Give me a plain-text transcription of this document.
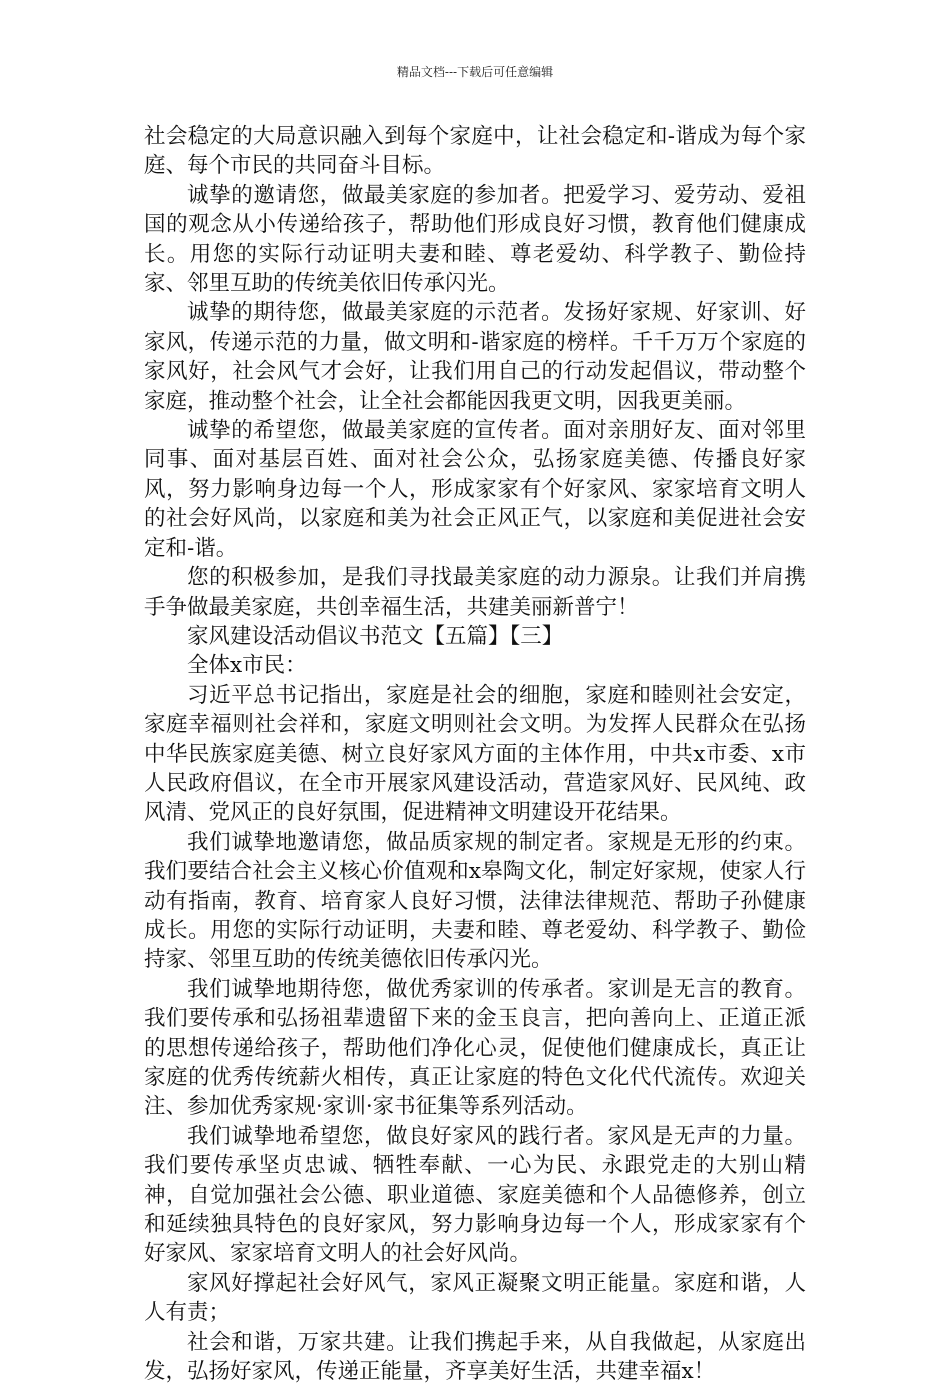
精品文档---下载后可任意编辑

社会稳定的大局意识融入到每个家庭中，让社会稳定和-谐成为每个家庭、每个市民的共同奋斗目标。

诚挚的邀请您，做最美家庭的参加者。把爱学习、爱劳动、爱祖国的观念从小传递给孩子，帮助他们形成良好习惯，教育他们健康成长。用您的实际行动证明夫妻和睦、尊老爱幼、科学教子、勤俭持家、邻里互助的传统美依旧传承闪光。

诚挚的期待您，做最美家庭的示范者。发扬好家规、好家训、好家风，传递示范的力量，做文明和-谐家庭的榜样。千千万万个家庭的家风好，社会风气才会好，让我们用自己的行动发起倡议，带动整个家庭，推动整个社会，让全社会都能因我更文明，因我更美丽。

诚挚的希望您，做最美家庭的宣传者。面对亲朋好友、面对邻里同事、面对基层百姓、面对社会公众，弘扬家庭美德、传播良好家风，努力影响身边每一个人，形成家家有个好家风、家家培育文明人的社会好风尚，以家庭和美为社会正风正气，以家庭和美促进社会安定和-谐。

您的积极参加，是我们寻找最美家庭的动力源泉。让我们并肩携手争做最美家庭，共创幸福生活，共建美丽新普宁！

家风建设活动倡议书范文【五篇】【三】

全体x市民：

习近平总书记指出，家庭是社会的细胞，家庭和睦则社会安定，家庭幸福则社会祥和，家庭文明则社会文明。为发挥人民群众在弘扬中华民族家庭美德、树立良好家风方面的主体作用，中共x市委、x市人民政府倡议，在全市开展家风建设活动，营造家风好、民风纯、政风清、党风正的良好氛围，促进精神文明建设开花结果。

我们诚挚地邀请您，做品质家规的制定者。家规是无形的约束。我们要结合社会主义核心价值观和x皋陶文化，制定好家规，使家人行动有指南，教育、培育家人良好习惯，法律法律规范、帮助子孙健康成长。用您的实际行动证明，夫妻和睦、尊老爱幼、科学教子、勤俭持家、邻里互助的传统美德依旧传承闪光。

我们诚挚地期待您，做优秀家训的传承者。家训是无言的教育。我们要传承和弘扬祖辈遗留下来的金玉良言，把向善向上、正道正派的思想传递给孩子，帮助他们净化心灵，促使他们健康成长，真正让家庭的优秀传统薪火相传，真正让家庭的特色文化代代流传。欢迎关注、参加优秀家规·家训·家书征集等系列活动。

我们诚挚地希望您，做良好家风的践行者。家风是无声的力量。我们要传承坚贞忠诚、牺牲奉献、一心为民、永跟党走的大别山精神，自觉加强社会公德、职业道德、家庭美德和个人品德修养，创立和延续独具特色的良好家风，努力影响身边每一个人，形成家家有个好家风、家家培育文明人的社会好风尚。

家风好撑起社会好风气，家风正凝聚文明正能量。家庭和谐，人人有责；

社会和谐，万家共建。让我们携起手来，从自我做起，从家庭出发，弘扬好家风，传递正能量，齐享美好生活，共建幸福x！
